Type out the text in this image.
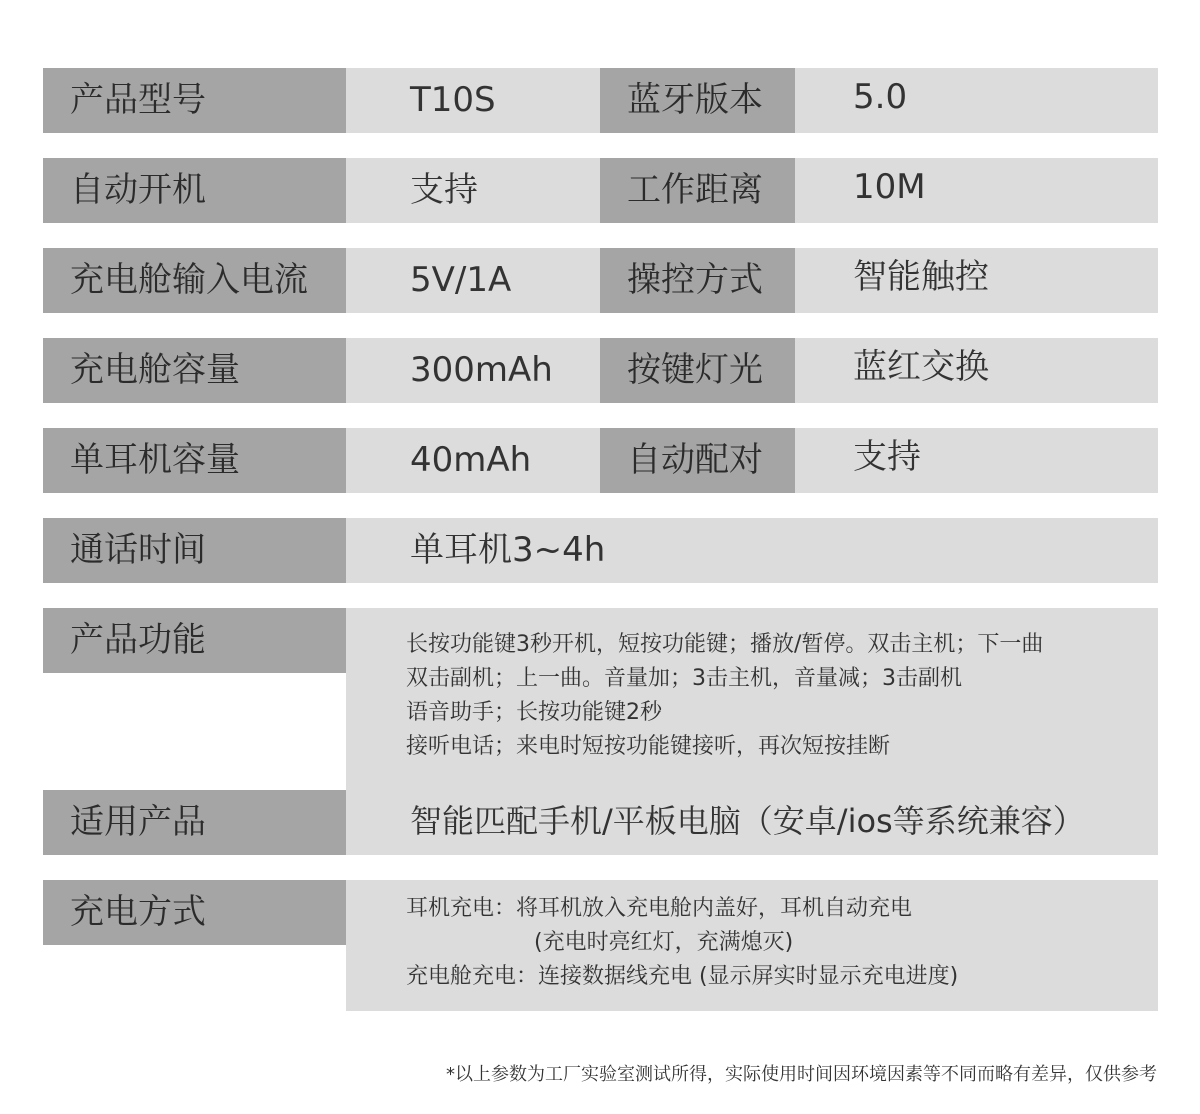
产品型号	T10S	蓝牙版本	5.0
自动开机	支持	工作距离	10M
充电舱输入电流	5V/1A	操控方式	智能触控
充电舱容量	300mAh	按键灯光	蓝红交换
单耳机容量	40mAh	自动配对	支持
通话时间	单耳机3~4h
产品功能	长按功能键3秒开机，短按功能键；播放/暂停。双击主机；下一曲
双击副机；上一曲。音量加；3击主机，音量减；3击副机
语音助手；长按功能键2秒
接听电话；来电时短按功能键接听，再次短按挂断
适用产品	智能匹配手机/平板电脑（安卓/ios等系统兼容）
充电方式	耳机充电：将耳机放入充电舱内盖好，耳机自动充电
(充电时亮红灯，充满熄灭)
充电舱充电：连接数据线充电 (显示屏实时显示充电进度)
*以上参数为工厂实验室测试所得，实际使用时间因环境因素等不同而略有差异，仅供参考
